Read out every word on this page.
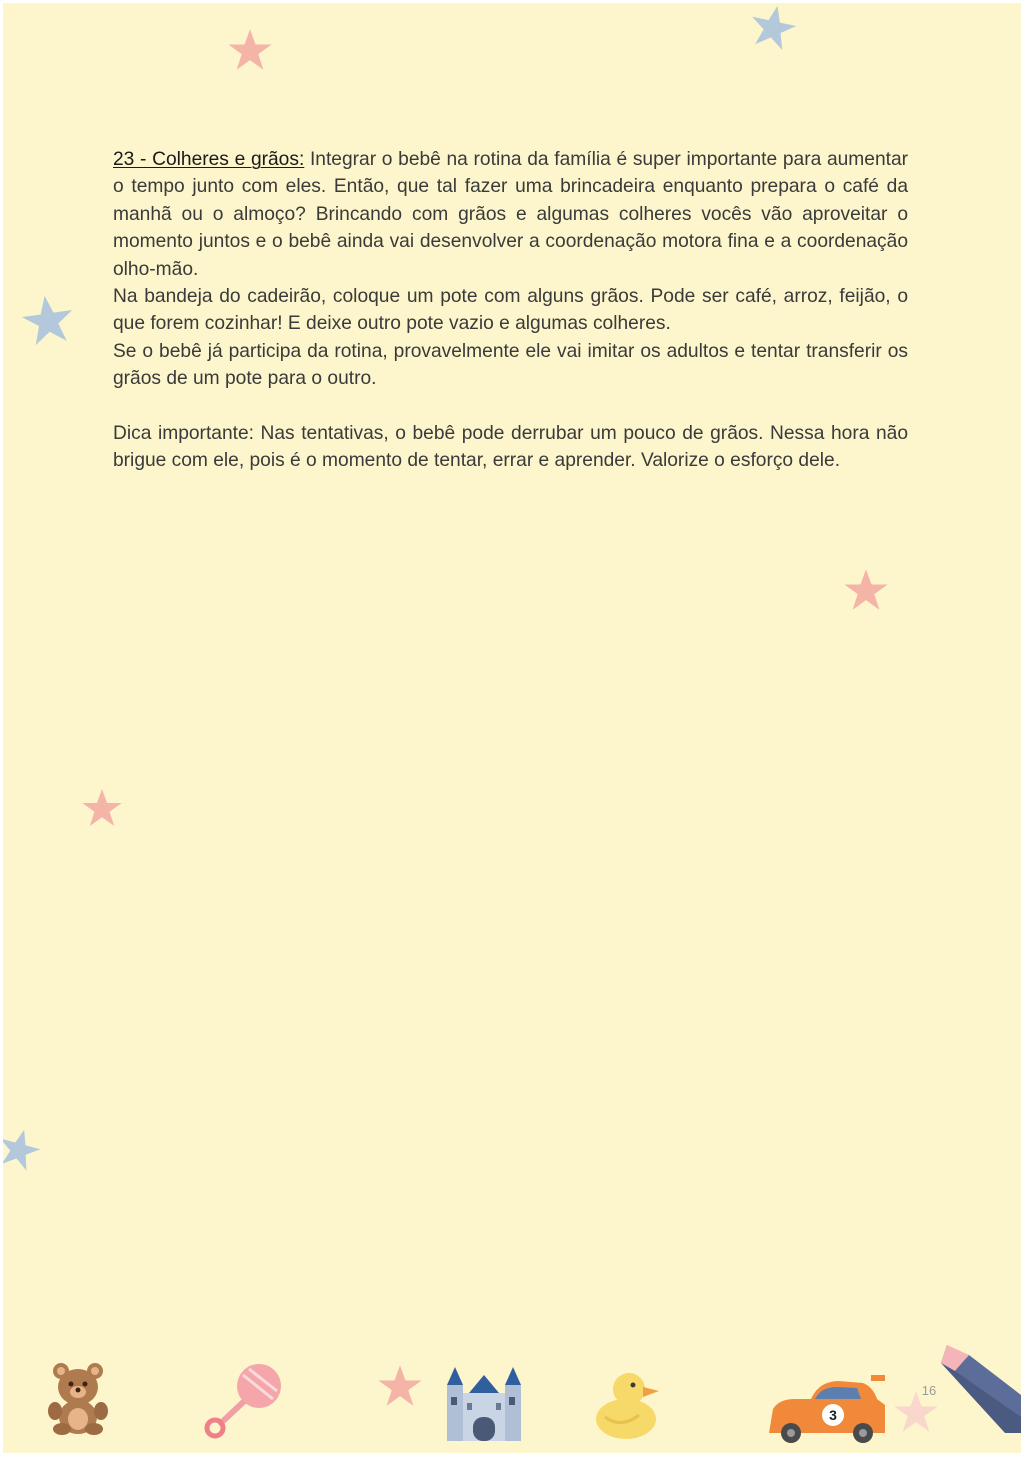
23 - Colheres e grãos: Integrar o bebê na rotina da família é super importante para aumentar o tempo junto com eles. Então, que tal fazer uma brincadeira enquanto prepara o café da manhã ou o almoço? Brincando com grãos e algumas colheres vocês vão aproveitar o momento juntos e o bebê ainda vai desenvolver a coordenação motora fina e a coordenação olho-mão.

Na bandeja do cadeirão, coloque um pote com alguns grãos. Pode ser café, arroz, feijão, o que forem cozinhar! E deixe outro pote vazio e algumas colheres.

Se o bebê já participa da rotina, provavelmente ele vai imitar os adultos e tentar transferir os grãos de um pote para o outro.

Dica importante: Nas tentativas, o bebê pode derrubar um pouco de grãos. Nessa hora não brigue com ele, pois é o momento de tentar, errar e aprender. Valorize o esforço dele.

3
16
